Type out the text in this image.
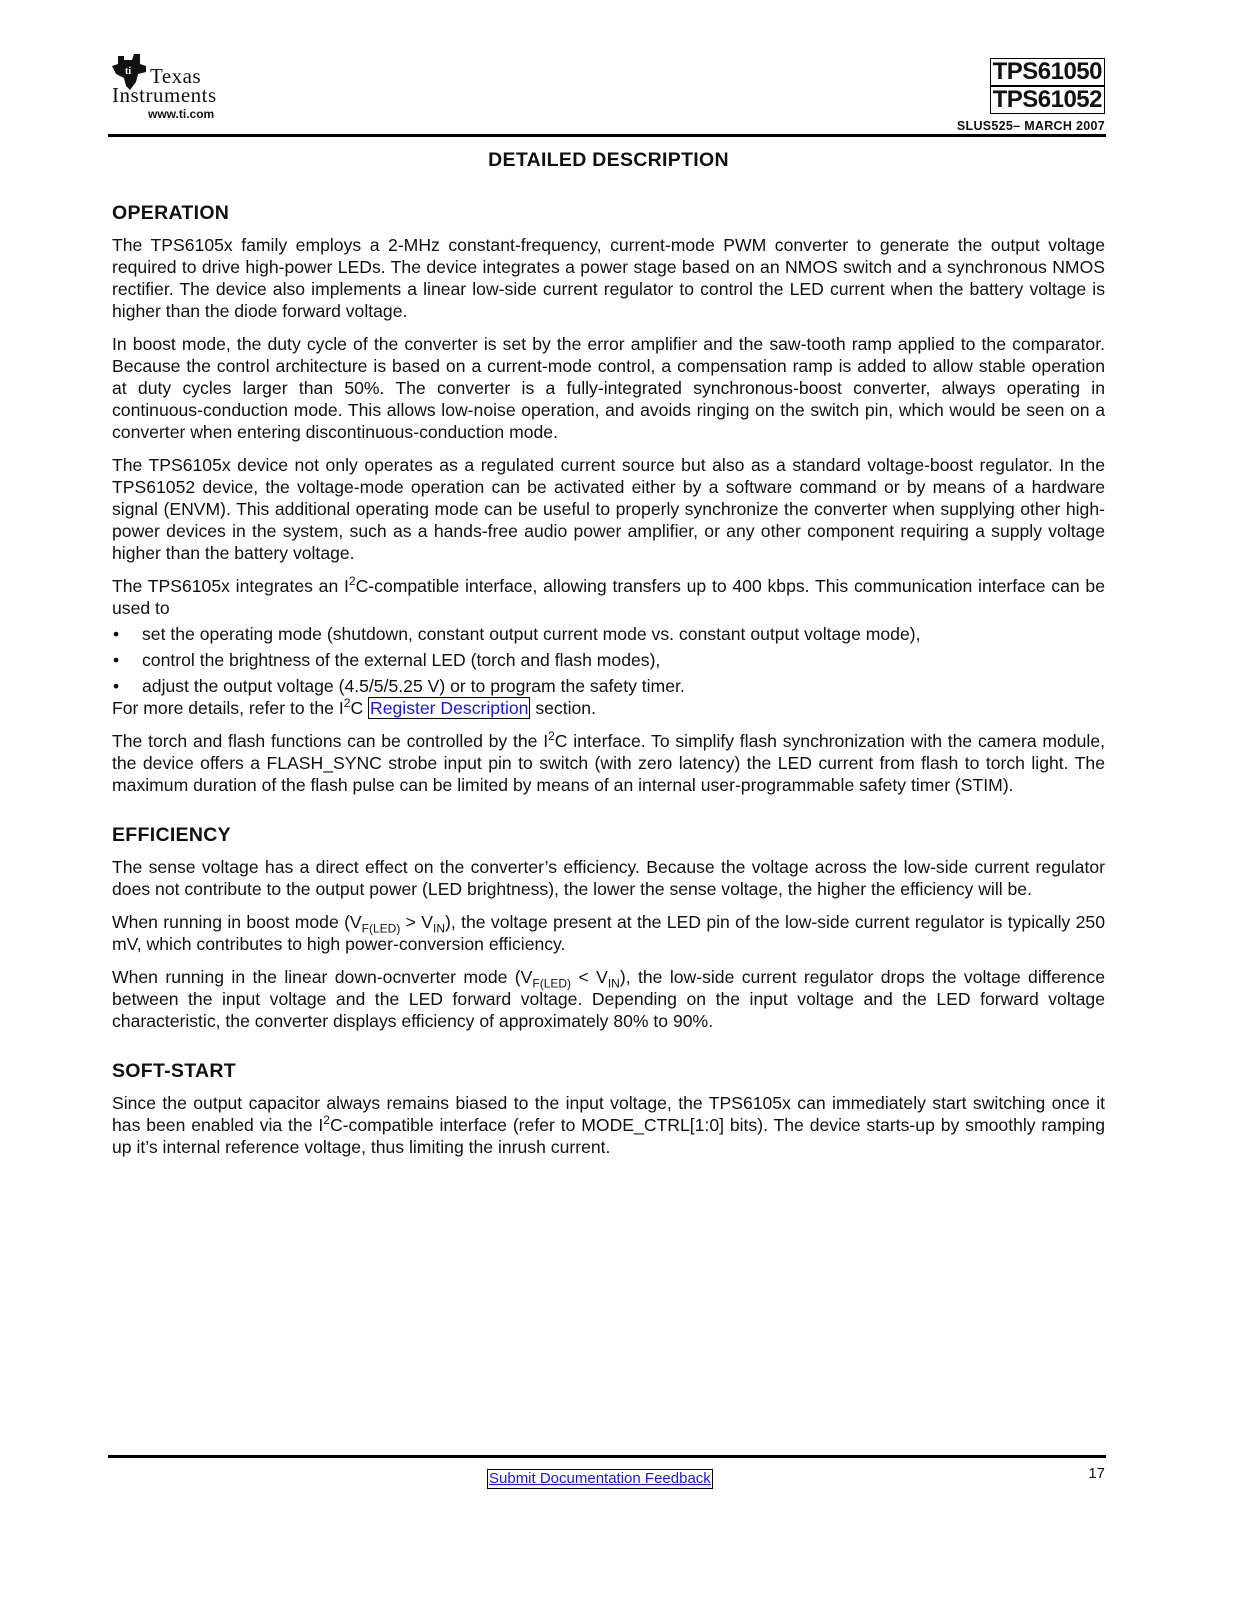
ti Texas
Instruments
www.ti.com
TPS61050
TPS61052
SLUS525– MARCH 2007
DETAILED DESCRIPTION
OPERATION

The TPS6105x family employs a 2-MHz constant-frequency, current-mode PWM converter to generate the output voltage required to drive high-power LEDs. The device integrates a power stage based on an NMOS switch and a synchronous NMOS rectifier. The device also implements a linear low-side current regulator to control the LED current when the battery voltage is higher than the diode forward voltage.

In boost mode, the duty cycle of the converter is set by the error amplifier and the saw-tooth ramp applied to the comparator. Because the control architecture is based on a current-mode control, a compensation ramp is added to allow stable operation at duty cycles larger than 50%. The converter is a fully-integrated synchronous-boost converter, always operating in continuous-conduction mode. This allows low-noise operation, and avoids ringing on the switch pin, which would be seen on a converter when entering discontinuous-conduction mode.

The TPS6105x device not only operates as a regulated current source but also as a standard voltage-boost regulator. In the TPS61052 device, the voltage-mode operation can be activated either by a software command or by means of a hardware signal (ENVM). This additional operating mode can be useful to properly synchronize the converter when supplying other high-power devices in the system, such as a hands-free audio power amplifier, or any other component requiring a supply voltage higher than the battery voltage.

The TPS6105x integrates an $I^2C$-compatible interface, allowing transfers up to 400 kbps. This communication interface can be used to

• set the operating mode (shutdown, constant output current mode vs. constant output voltage mode),
• control the brightness of the external LED (torch and flash modes),
• adjust the output voltage (4.5/5/5.25 V) or to program the safety timer.

For more details, refer to the $I^2C$ Register Description section.

The torch and flash functions can be controlled by the $I^2C$ interface. To simplify flash synchronization with the camera module, the device offers a FLASH_SYNC strobe input pin to switch (with zero latency) the LED current from flash to torch light. The maximum duration of the flash pulse can be limited by means of an internal user-programmable safety timer (STIM).

EFFICIENCY

The sense voltage has a direct effect on the converter’s efficiency. Because the voltage across the low-side current regulator does not contribute to the output power (LED brightness), the lower the sense voltage, the higher the efficiency will be.

When running in boost mode $(V_{F(LED)} > V_{IN})$, the voltage present at the LED pin of the low-side current regulator is typically 250 mV, which contributes to high power-conversion efficiency.

When running in the linear down-ocnverter mode $(V_{F(LED)} < V_{IN})$, the low-side current regulator drops the voltage difference between the input voltage and the LED forward voltage. Depending on the input voltage and the LED forward voltage characteristic, the converter displays efficiency of approximately 80% to 90%.

SOFT-START

Since the output capacitor always remains biased to the input voltage, the TPS6105x can immediately start switching once it has been enabled via the $I^2C$-compatible interface (refer to MODE_CTRL[1:0] bits). The device starts-up by smoothly ramping up it’s internal reference voltage, thus limiting the inrush current.

Submit Documentation Feedback	17
